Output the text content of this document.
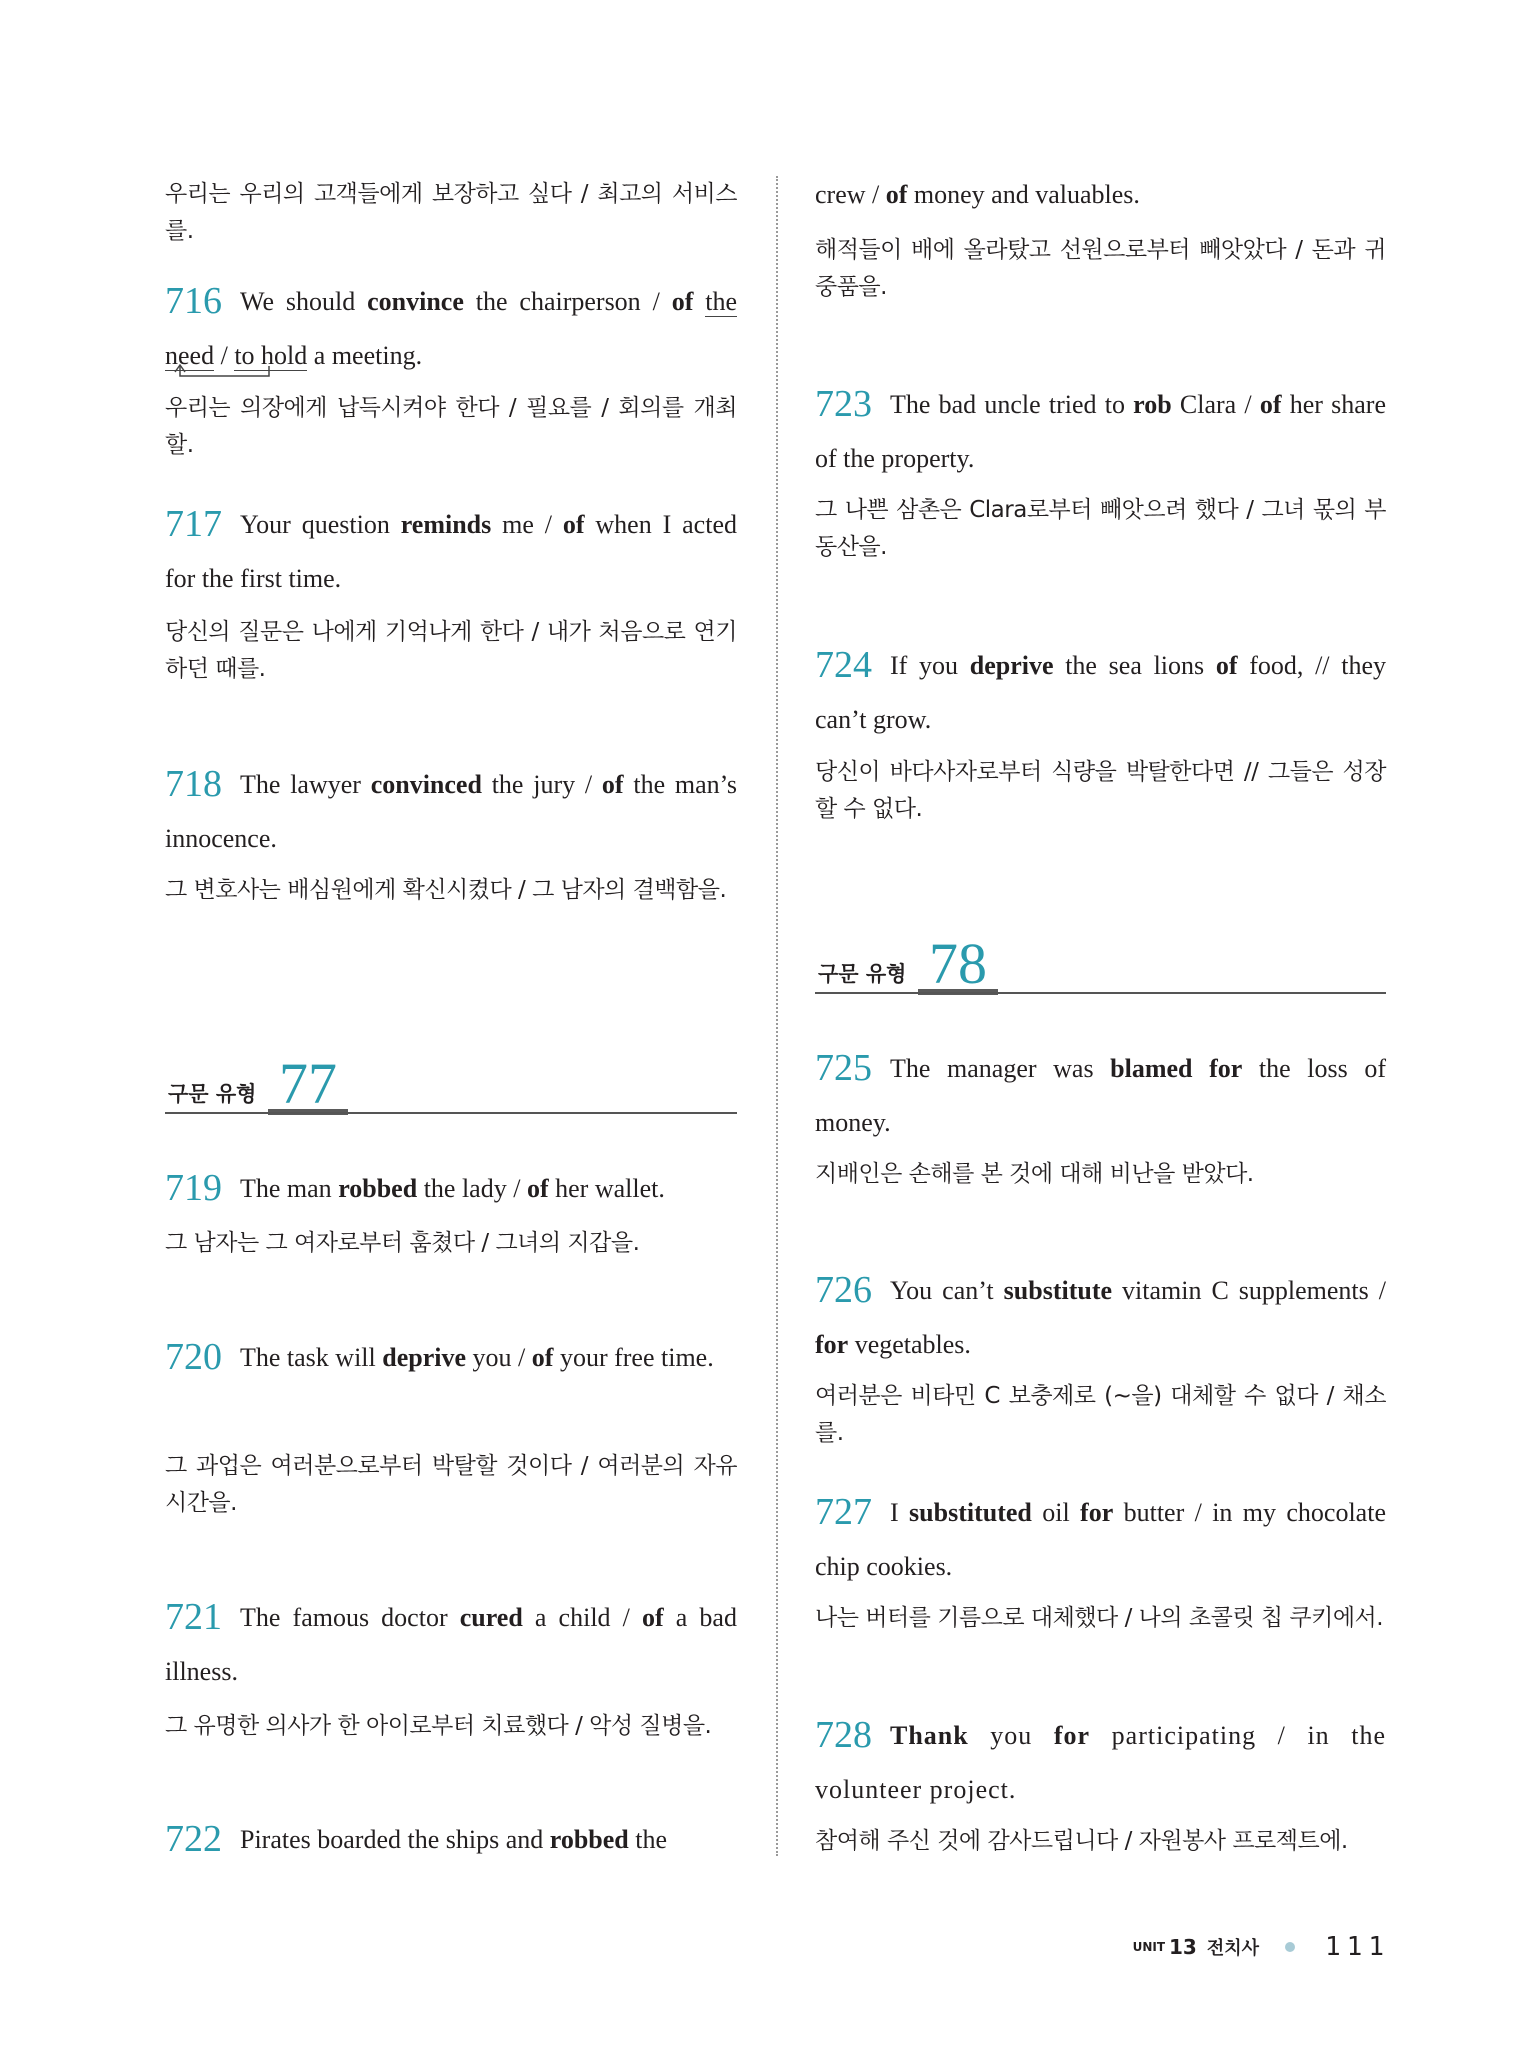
우리는 우리의 고객들에게 보장하고 싶다 / 최고의 서비스를.
716 We should convince the chairperson / of the need / to hold a meeting.
우리는 의장에게 납득시켜야 한다 / 필요를 / 회의를 개최할.
717 Your question reminds me / of when I acted for the first time.
당신의 질문은 나에게 기억나게 한다 / 내가 처음으로 연기하던 때를.
718 The lawyer convinced the jury / of the man’s innocence.
그 변호사는 배심원에게 확신시켰다 / 그 남자의 결백함을.
구문 유형 77
719 The man robbed the lady / of her wallet.
그 남자는 그 여자로부터 훔쳤다 / 그녀의 지갑을.
720 The task will deprive you / of your free time.
그 과업은 여러분으로부터 박탈할 것이다 / 여러분의 자유시간을.
721 The famous doctor cured a child / of a bad illness.
그 유명한 의사가 한 아이로부터 치료했다 / 악성 질병을.
722 Pirates boarded the ships and robbed the
crew / of money and valuables.
해적들이 배에 올라탔고 선원으로부터 빼앗았다 / 돈과 귀중품을.
723 The bad uncle tried to rob Clara / of her share of the property.
그 나쁜 삼촌은 Clara로부터 빼앗으려 했다 / 그녀 몫의 부동산을.
724 If you deprive the sea lions of food, // they can’t grow.
당신이 바다사자로부터 식량을 박탈한다면 // 그들은 성장할 수 없다.
구문 유형 78
725 The manager was blamed for the loss of money.
지배인은 손해를 본 것에 대해 비난을 받았다.
726 You can’t substitute vitamin C supplements / for vegetables.
여러분은 비타민 C 보충제로 (~을) 대체할 수 없다 / 채소를.
727 I substituted oil for butter / in my chocolate chip cookies.
나는 버터를 기름으로 대체했다 / 나의 초콜릿 칩 쿠키에서.
728 Thank you for participating / in the volunteer project.
참여해 주신 것에 감사드립니다 / 자원봉사 프로젝트에.
UNIT 13 전치사	111
